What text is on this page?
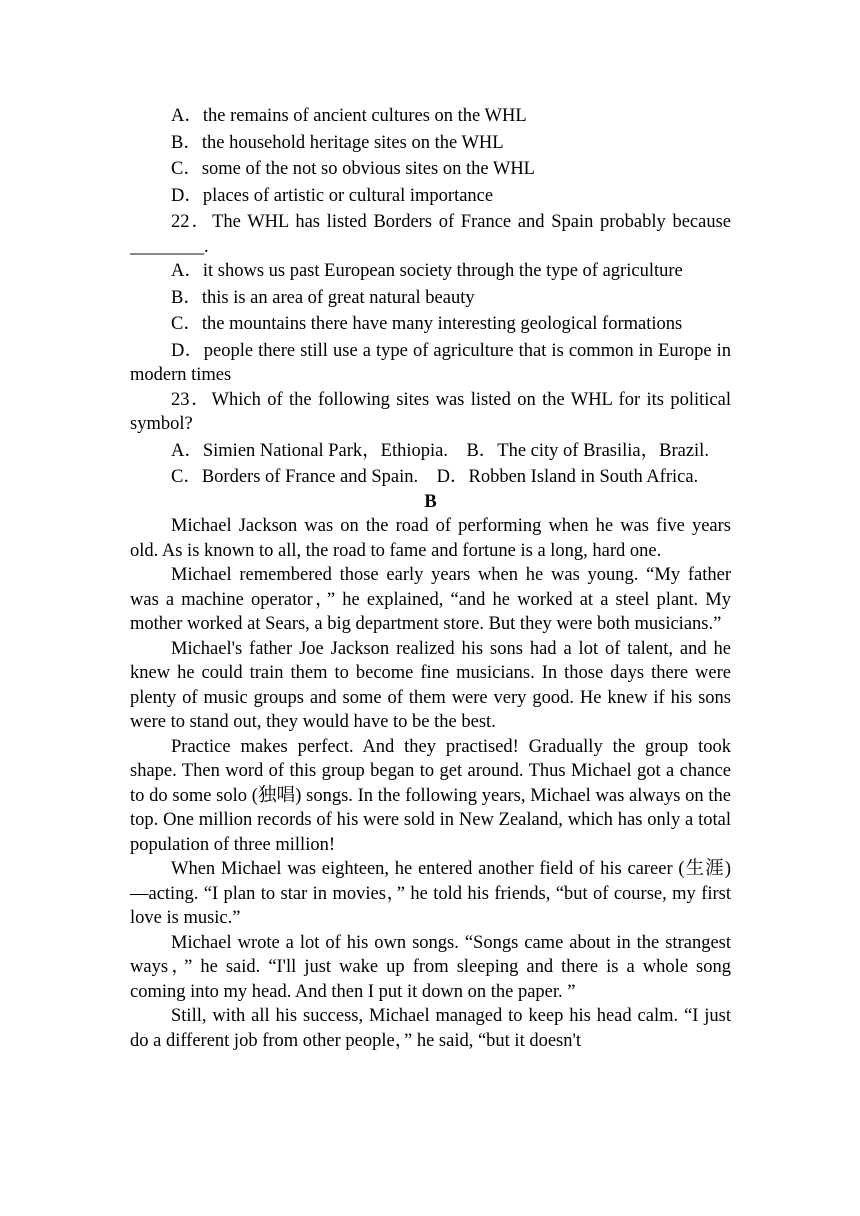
A．the remains of ancient cultures on the WHL

B．the household heritage sites on the WHL

C．some of the not so obvious sites on the WHL

D．places of artistic or cultural importance

22．The WHL has listed Borders of France and Spain probably because ________.

A．it shows us past European society through the type of agriculture

B．this is an area of great natural beauty

C．the mountains there have many interesting geological formations

D．people there still use a type of agriculture that is common in Europe in modern times

23．Which of the following sites was listed on the WHL for its political symbol?

A．Simien National Park，Ethiopia.　B．The city of Brasilia，Brazil.

C．Borders of France and Spain.　D．Robben Island in South Africa.

B

Michael Jackson was on the road of performing when he was five years old. As is known to all, the road to fame and fortune is a long, hard one.

Michael remembered those early years when he was young. “My father was a machine operator，” he explained, “and he worked at a steel plant. My mother worked at Sears, a big department store. But they were both musicians.”

Michael's father Joe Jackson realized his sons had a lot of talent, and he knew he could train them to become fine musicians. In those days there were plenty of music groups and some of them were very good. He knew if his sons were to stand out, they would have to be the best.

Practice makes perfect. And they practised! Gradually the group took shape. Then word of this group began to get around. Thus Michael got a chance to do some solo (独唱) songs. In the following years, Michael was always on the top. One million records of his were sold in New Zealand, which has only a total population of three million!

When Michael was eighteen, he entered another field of his career (生涯)—acting. “I plan to star in movies，” he told his friends, “but of course, my first love is music.”

Michael wrote a lot of his own songs. “Songs came about in the strangest ways，” he said. “I'll just wake up from sleeping and there is a whole song coming into my head. And then I put it down on the paper. ”

Still, with all his success, Michael managed to keep his head calm. “I just do a different job from other people，” he said, “but it doesn't
